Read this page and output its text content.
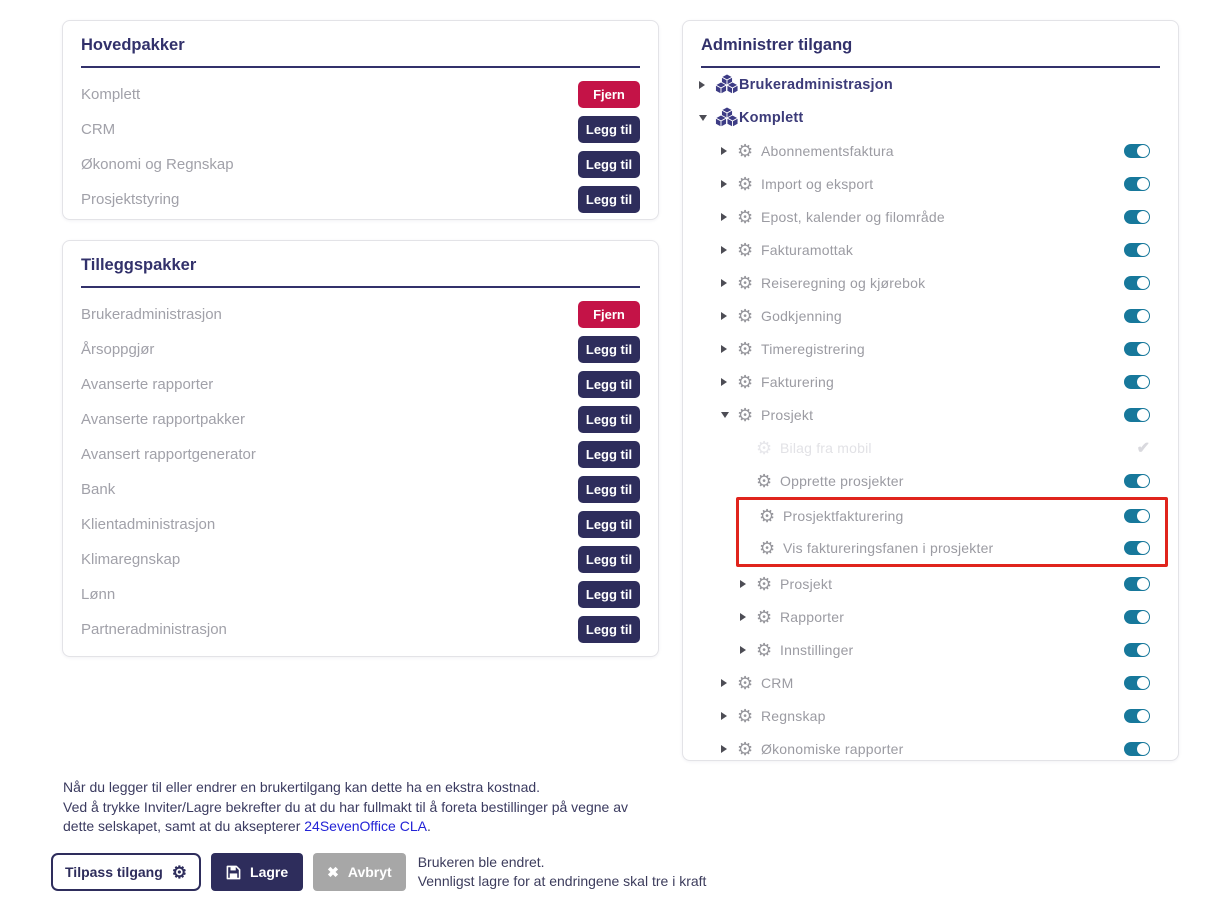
Hovedpakker
Komplett	Fjern
CRM	Legg til
Økonomi og Regnskap	Legg til
Prosjektstyring	Legg til
Tilleggspakker
Brukeradministrasjon	Fjern
Årsoppgjør	Legg til
Avanserte rapporter	Legg til
Avanserte rapportpakker	Legg til
Avansert rapportgenerator	Legg til
Bank	Legg til
Klientadministrasjon	Legg til
Klimaregnskap	Legg til
Lønn	Legg til
Partneradministrasjon	Legg til
Administrer tilgang
Brukeradministrasjon
Komplett
⚙ Abonnementsfaktura
⚙ Import og eksport
⚙ Epost, kalender og filområde
⚙ Fakturamottak
⚙ Reiseregning og kjørebok
⚙ Godkjenning
⚙ Timeregistrering
⚙ Fakturering
⚙ Prosjekt
⚙ Bilag fra mobil	✔
⚙ Opprette prosjekter
⚙ Prosjektfakturering
⚙ Vis faktureringsfanen i prosjekter
⚙ Prosjekt
⚙ Rapporter
⚙ Innstillinger
⚙ CRM
⚙ Regnskap
⚙ Økonomiske rapporter
Når du legger til eller endrer en brukertilgang kan dette ha en ekstra kostnad.
Ved å trykke Inviter/Lagre bekrefter du at du har fullmakt til å foreta bestillinger på vegne av
dette selskapet, samt at du aksepterer 24SevenOffice CLA.
Tilpass tilgang ⚙	Lagre	✖ Avbryt
Brukeren ble endret.
Vennligst lagre for at endringene skal tre i kraft
